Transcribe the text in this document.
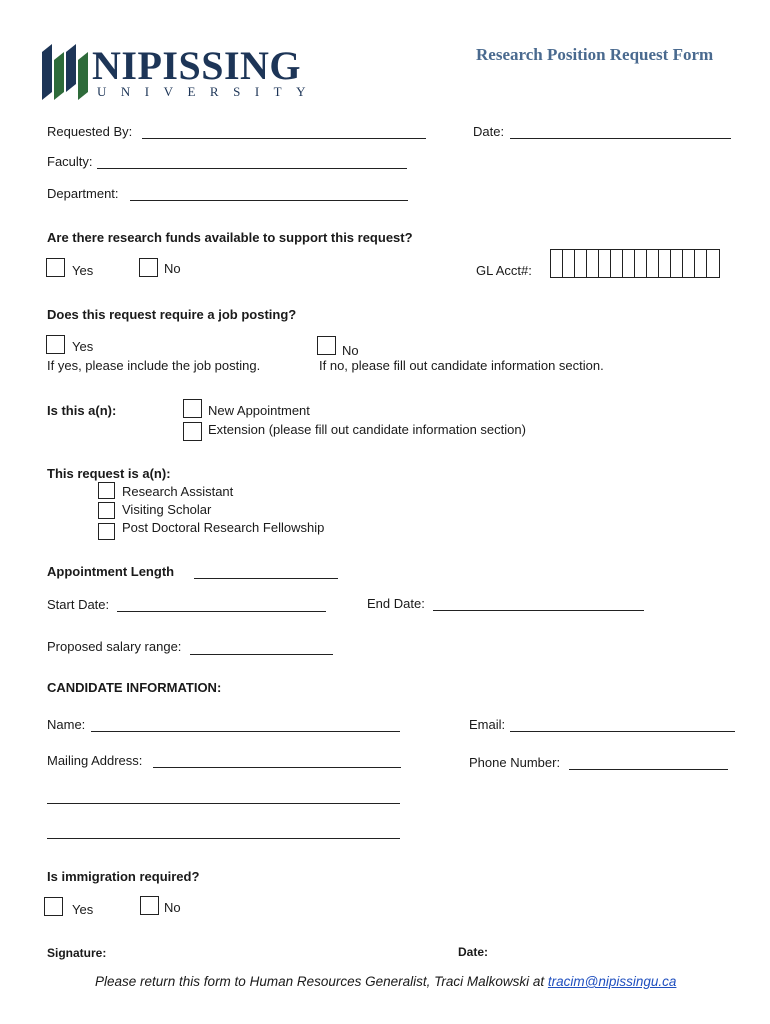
NIPISSING
UNIVERSITY
Research Position Request Form
Requested By:	Date:
Faculty:
Department:
Are there research funds available to support this request?
Yes	No	GL Acct#:
Does this request require a job posting?
Yes
If yes, please include the job posting.
No
If no, please fill out candidate information section.
Is this a(n):	New Appointment
Extension (please fill out candidate information section)
This request is a(n):
Research Assistant
Visiting Scholar
Post Doctoral Research Fellowship
Appointment Length
Start Date:	End Date:
Proposed salary range:
CANDIDATE INFORMATION:
Name:	Email:
Mailing Address:	Phone Number:
Is immigration required?
Yes	No
Signature:	Date:
Please return this form to Human Resources Generalist, Traci Malkowski at tracim@nipissingu.ca
